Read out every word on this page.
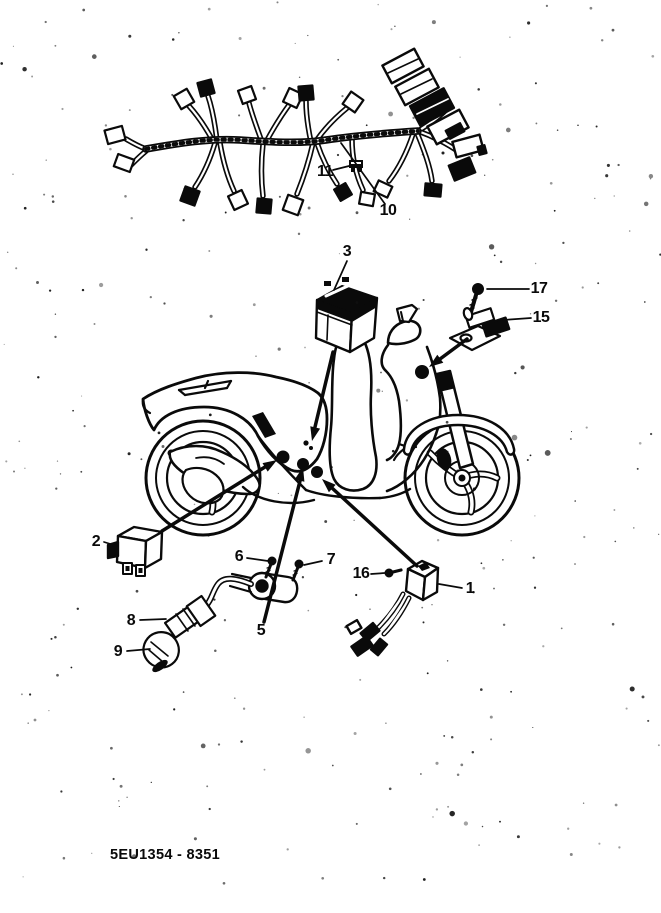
3
17
15
11
10
2
6	7
5
8
9
16
1
5EU1354 - 8351
